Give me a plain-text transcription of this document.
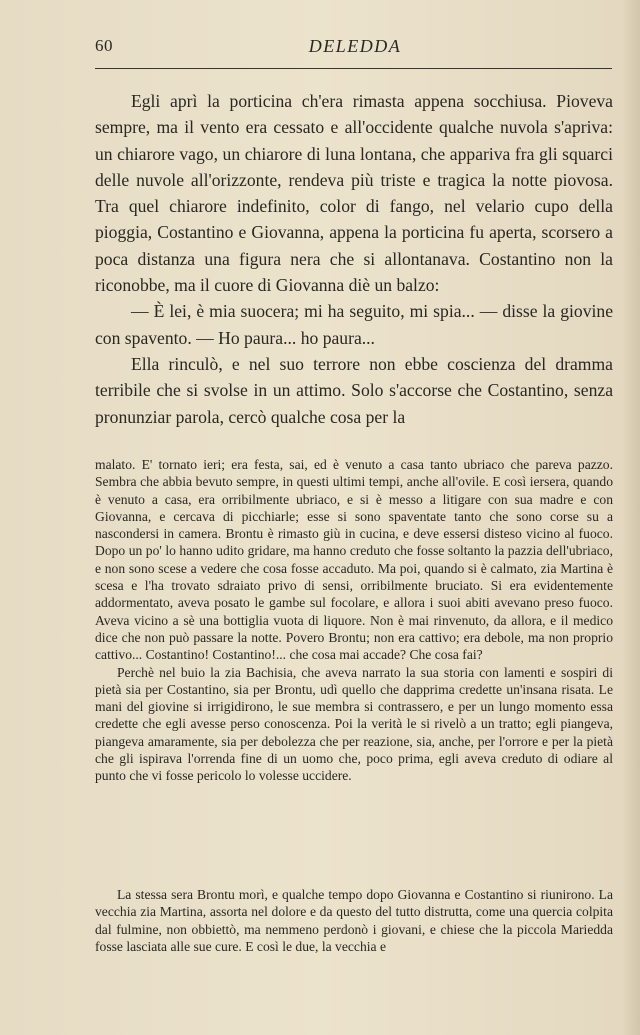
60	DELEDDA

Egli aprì la porticina ch'era rimasta appena socchiusa. Pioveva sempre, ma il vento era cessato e all'occidente qualche nuvola s'apriva: un chiarore vago, un chiarore di luna lontana, che appariva fra gli squarci delle nuvole all'orizzonte, rendeva più triste e tragica la notte piovosa. Tra quel chiarore indefinito, color di fango, nel velario cupo della pioggia, Costantino e Giovanna, appena la porticina fu aperta, scorsero a poca distanza una figura nera che si allontanava. Costantino non la riconobbe, ma il cuore di Giovanna diè un balzo:

— È lei, è mia suocera; mi ha seguito, mi spia... — disse la giovine con spavento. — Ho paura... ho paura...

Ella rinculò, e nel suo terrore non ebbe coscienza del dramma terribile che si svolse in un attimo. Solo s'accorse che Costantino, senza pronunziar parola, cercò qualche cosa per la

malato. E' tornato ieri; era festa, sai, ed è venuto a casa tanto ubriaco che pareva pazzo. Sembra che abbia bevuto sempre, in questi ultimi tempi, anche all'ovile. E così iersera, quando è venuto a casa, era orribilmente ubriaco, e si è messo a litigare con sua madre e con Giovanna, e cercava di picchiarle; esse si sono spaventate tanto che sono corse su a nascondersi in camera. Brontu è rimasto giù in cucina, e deve essersi disteso vicino al fuoco. Dopo un po' lo hanno udito gridare, ma hanno creduto che fosse soltanto la pazzia dell'ubriaco, e non sono scese a vedere che cosa fosse accaduto. Ma poi, quando si è calmato, zia Martina è scesa e l'ha trovato sdraiato privo di sensi, orribilmente bruciato. Si era evidentemente addormentato, aveva posato le gambe sul focolare, e allora i suoi abiti avevano preso fuoco. Aveva vicino a sè una bottiglia vuota di liquore. Non è mai rinvenuto, da allora, e il medico dice che non può passare la notte. Povero Brontu; non era cattivo; era debole, ma non proprio cattivo... Costantino! Costantino!... che cosa mai accade? Che cosa fai?

Perchè nel buio la zia Bachisia, che aveva narrato la sua storia con lamenti e sospiri di pietà sia per Costantino, sia per Brontu, udì quello che dapprima credette un'insana risata. Le mani del giovine si irrigidirono, le sue membra si contrassero, e per un lungo momento essa credette che egli avesse perso conoscenza. Poi la verità le si rivelò a un tratto; egli piangeva, piangeva amaramente, sia per debolezza che per reazione, sia, anche, per l'orrore e per la pietà che gli ispirava l'orrenda fine di un uomo che, poco prima, egli aveva creduto di odiare al punto che vi fosse pericolo lo volesse uccidere.

La stessa sera Brontu morì, e qualche tempo dopo Giovanna e Costantino si riunirono. La vecchia zia Martina, assorta nel dolore e da questo del tutto distrutta, come una quercia colpita dal fulmine, non obbiettò, ma nemmeno perdonò i giovani, e chiese che la piccola Mariedda fosse lasciata alle sue cure. E così le due, la vecchia e
